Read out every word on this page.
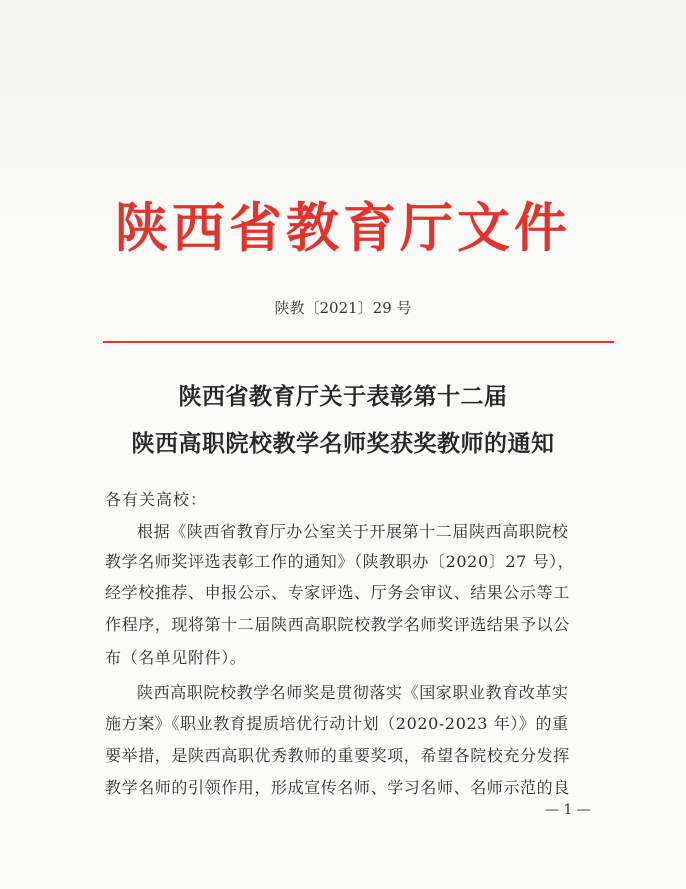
陕西省教育厅文件
陕教〔2021〕29 号
陕西省教育厅关于表彰第十二届
陕西高职院校教学名师奖获奖教师的通知
各有关高校：
根据《陕西省教育厅办公室关于开展第十二届陕西高职院校
教学名师奖评选表彰工作的通知》（陕教职办〔2020〕27 号），
经学校推荐、申报公示、专家评选、厅务会审议、结果公示等工
作程序，现将第十二届陕西高职院校教学名师奖评选结果予以公
布（名单见附件）。
陕西高职院校教学名师奖是贯彻落实《国家职业教育改革实
施方案》《职业教育提质培优行动计划（2020-2023 年）》的重
要举措，是陕西高职优秀教师的重要奖项，希望各院校充分发挥
教学名师的引领作用，形成宣传名师、学习名师、名师示范的良
— 1 —
